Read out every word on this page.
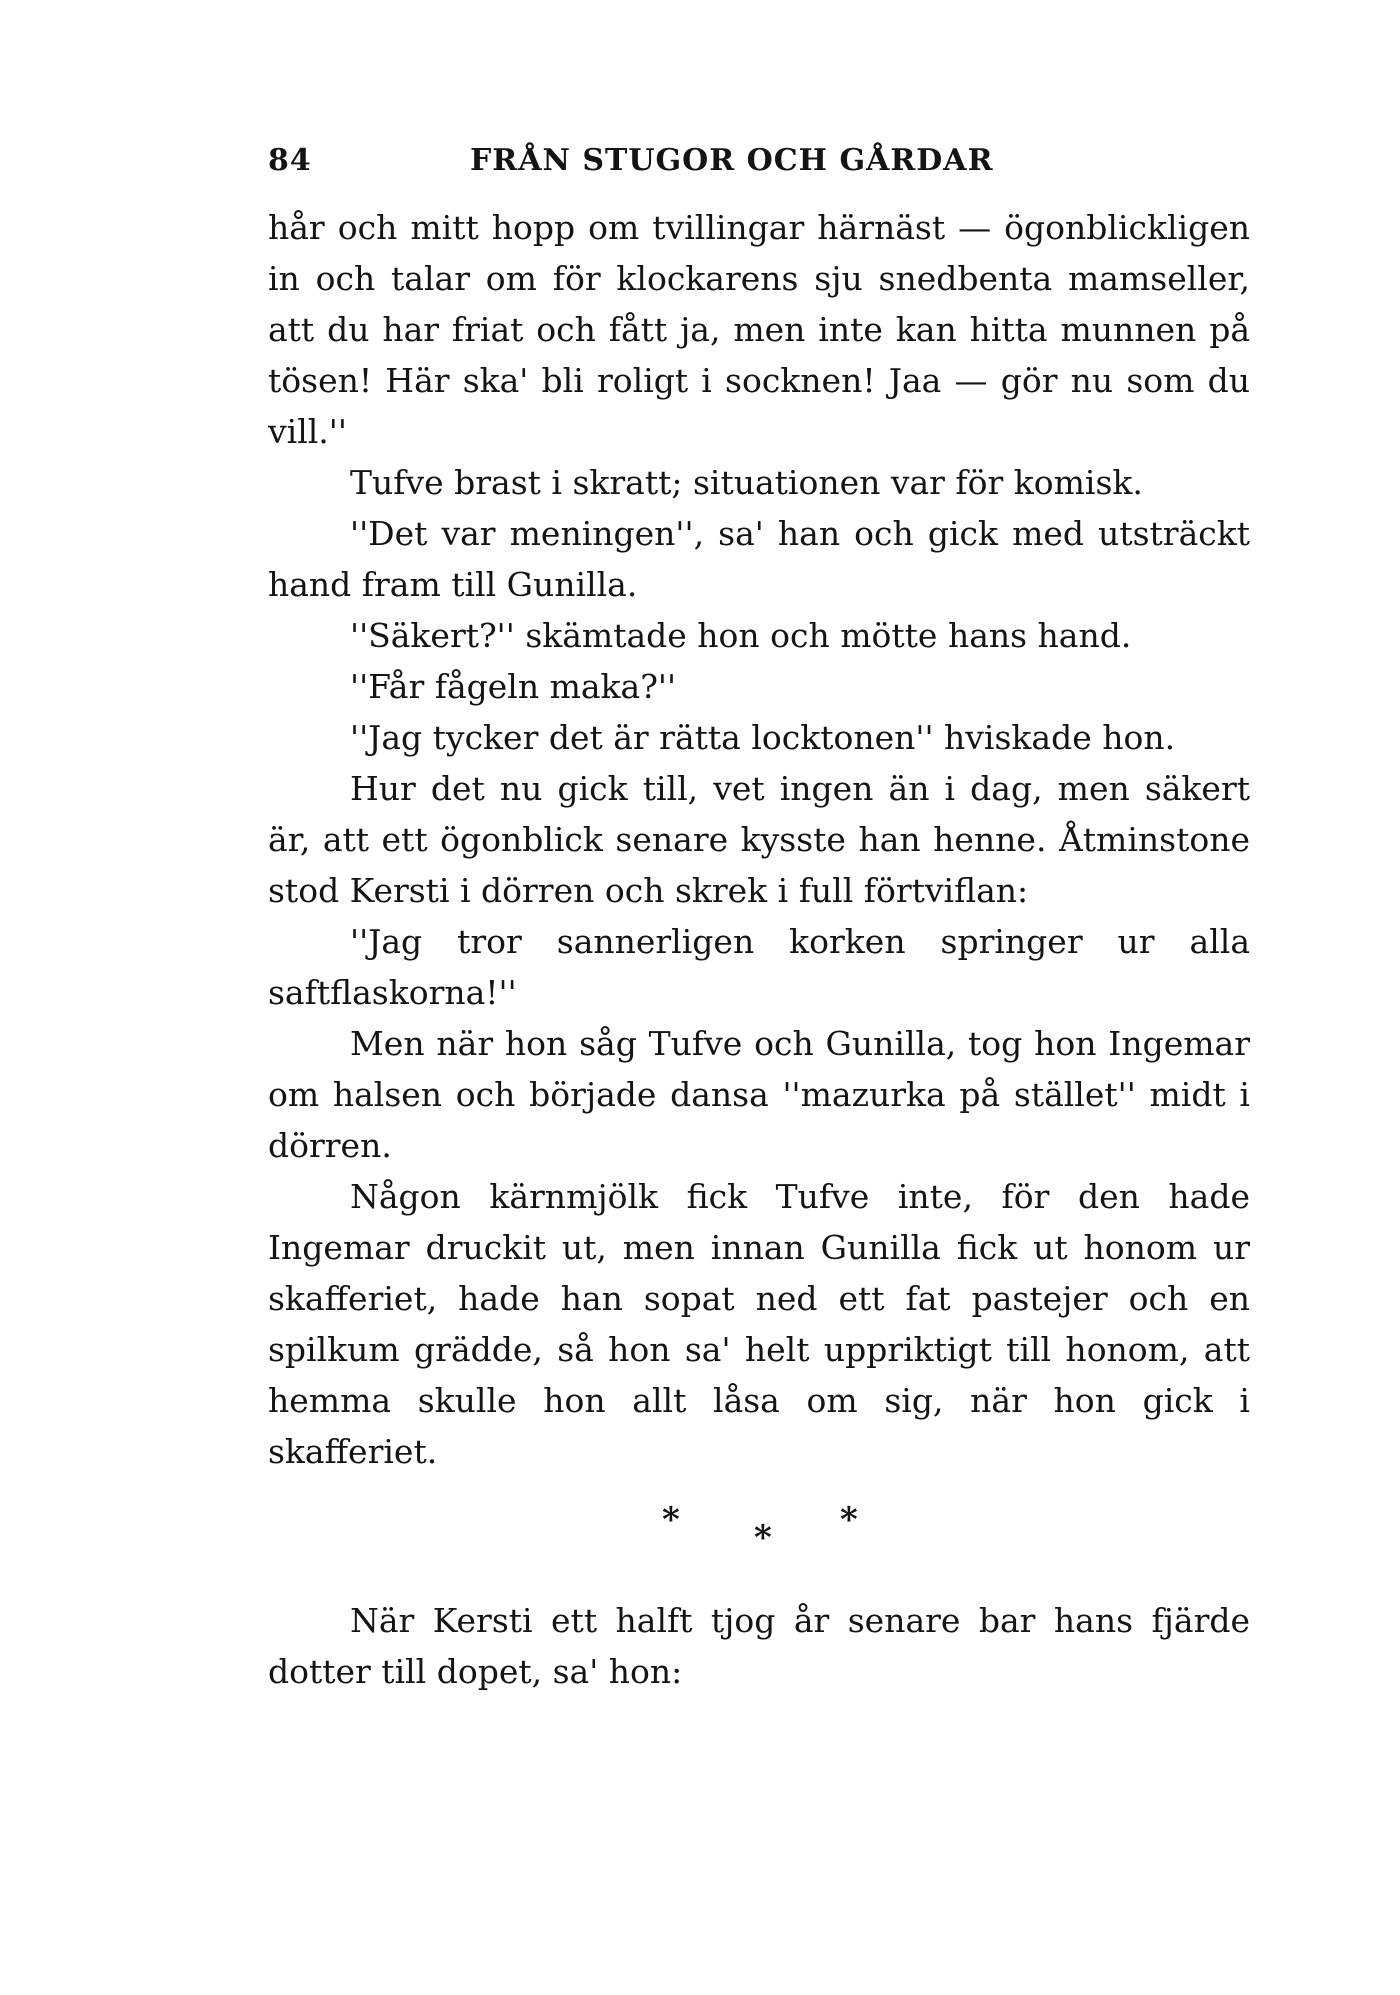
84	FRÅN STUGOR OCH GÅRDAR

hår och mitt hopp om tvillingar härnäst — ögonblickligen in och talar om för klockarens sju snedbenta mamseller, att du har friat och fått ja, men inte kan hitta munnen på tösen! Här ska' bli roligt i socknen! Jaa — gör nu som du vill.''

Tufve brast i skratt; situationen var för komisk.

''Det var meningen'', sa' han och gick med utsträckt hand fram till Gunilla.

''Säkert?'' skämtade hon och mötte hans hand.

''Får fågeln maka?''

''Jag tycker det är rätta locktonen'' hviskade hon.

Hur det nu gick till, vet ingen än i dag, men säkert är, att ett ögonblick senare kysste han henne. Åtminstone stod Kersti i dörren och skrek i full förtviflan:

''Jag tror sannerligen korken springer ur alla saftflaskorna!''

Men när hon såg Tufve och Gunilla, tog hon Ingemar om halsen och började dansa ''mazurka på stället'' midt i dörren.

Någon kärnmjölk fick Tufve inte, för den hade Ingemar druckit ut, men innan Gunilla fick ut honom ur skafferiet, hade han sopat ned ett fat pastejer och en spilkum grädde, så hon sa' helt uppriktigt till honom, att hemma skulle hon allt låsa om sig, när hon gick i skafferiet.

* * *

När Kersti ett halft tjog år senare bar hans fjärde dotter till dopet, sa' hon:
